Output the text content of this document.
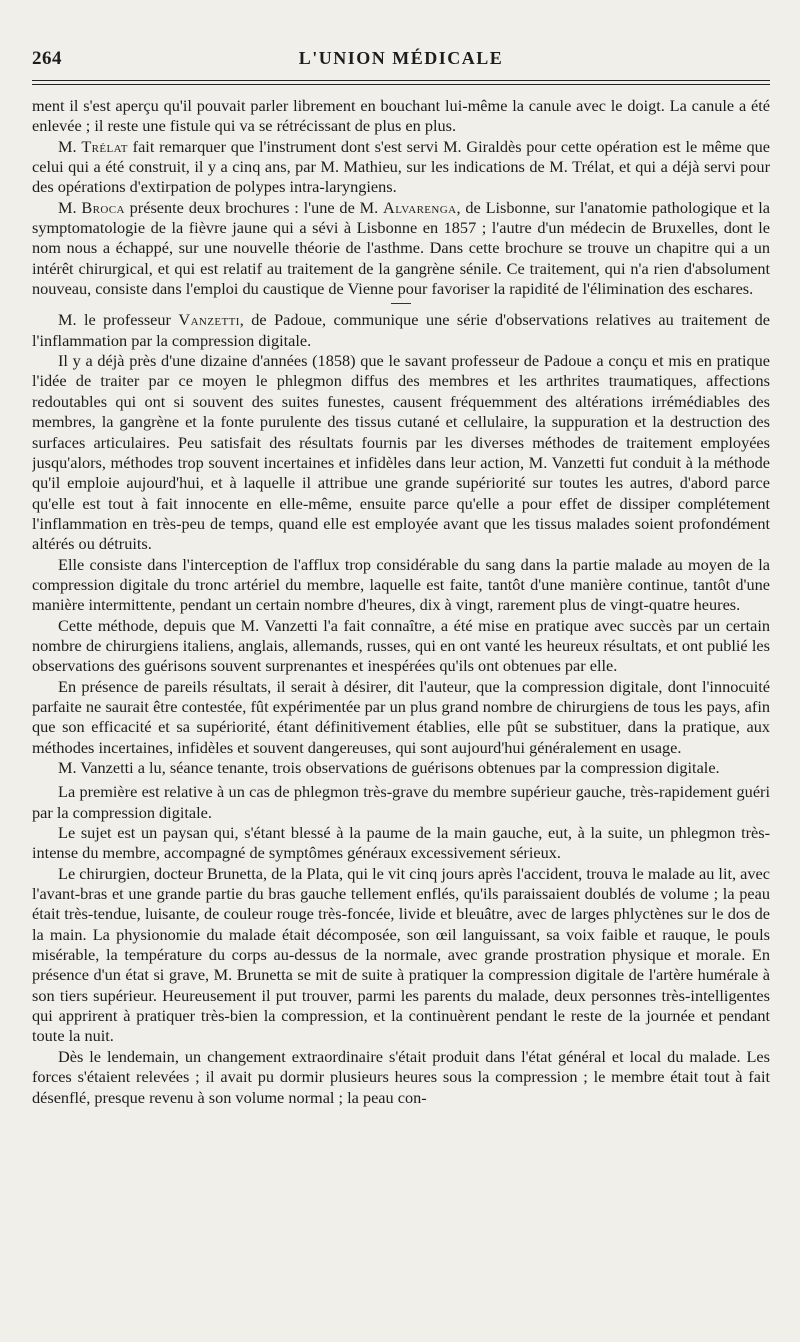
264	L'UNION MÉDICALE

ment il s'est aperçu qu'il pouvait parler librement en bouchant lui-même la canule avec le doigt. La canule a été enlevée ; il reste une fistule qui va se rétrécissant de plus en plus.

M. Trélat fait remarquer que l'instrument dont s'est servi M. Giraldès pour cette opération est le même que celui qui a été construit, il y a cinq ans, par M. Mathieu, sur les indications de M. Trélat, et qui a déjà servi pour des opérations d'extirpation de polypes intra-laryngiens.

M. Broca présente deux brochures : l'une de M. Alvarenga, de Lisbonne, sur l'anatomie pathologique et la symptomatologie de la fièvre jaune qui a sévi à Lisbonne en 1857 ; l'autre d'un médecin de Bruxelles, dont le nom nous a échappé, sur une nouvelle théorie de l'asthme. Dans cette brochure se trouve un chapitre qui a un intérêt chirurgical, et qui est relatif au traitement de la gangrène sénile. Ce traitement, qui n'a rien d'absolument nouveau, consiste dans l'emploi du caustique de Vienne pour favoriser la rapidité de l'élimination des eschares.

M. le professeur Vanzetti, de Padoue, communique une série d'observations relatives au traitement de l'inflammation par la compression digitale.

Il y a déjà près d'une dizaine d'années (1858) que le savant professeur de Padoue a conçu et mis en pratique l'idée de traiter par ce moyen le phlegmon diffus des membres et les arthrites traumatiques, affections redoutables qui ont si souvent des suites funestes, causent fréquemment des altérations irrémédiables des membres, la gangrène et la fonte purulente des tissus cutané et cellulaire, la suppuration et la destruction des surfaces articulaires. Peu satisfait des résultats fournis par les diverses méthodes de traitement employées jusqu'alors, méthodes trop souvent incertaines et infidèles dans leur action, M. Vanzetti fut conduit à la méthode qu'il emploie aujourd'hui, et à laquelle il attribue une grande supériorité sur toutes les autres, d'abord parce qu'elle est tout à fait innocente en elle-même, ensuite parce qu'elle a pour effet de dissiper complétement l'inflammation en très-peu de temps, quand elle est employée avant que les tissus malades soient profondément altérés ou détruits.

Elle consiste dans l'interception de l'afflux trop considérable du sang dans la partie malade au moyen de la compression digitale du tronc artériel du membre, laquelle est faite, tantôt d'une manière continue, tantôt d'une manière intermittente, pendant un certain nombre d'heures, dix à vingt, rarement plus de vingt-quatre heures.

Cette méthode, depuis que M. Vanzetti l'a fait connaître, a été mise en pratique avec succès par un certain nombre de chirurgiens italiens, anglais, allemands, russes, qui en ont vanté les heureux résultats, et ont publié les observations des guérisons souvent surprenantes et inespérées qu'ils ont obtenues par elle.

En présence de pareils résultats, il serait à désirer, dit l'auteur, que la compression digitale, dont l'innocuité parfaite ne saurait être contestée, fût expérimentée par un plus grand nombre de chirurgiens de tous les pays, afin que son efficacité et sa supériorité, étant définitivement établies, elle pût se substituer, dans la pratique, aux méthodes incertaines, infidèles et souvent dangereuses, qui sont aujourd'hui généralement en usage.

M. Vanzetti a lu, séance tenante, trois observations de guérisons obtenues par la compression digitale.

La première est relative à un cas de phlegmon très-grave du membre supérieur gauche, très-rapidement guéri par la compression digitale.

Le sujet est un paysan qui, s'étant blessé à la paume de la main gauche, eut, à la suite, un phlegmon très-intense du membre, accompagné de symptômes généraux excessivement sérieux.

Le chirurgien, docteur Brunetta, de la Plata, qui le vit cinq jours après l'accident, trouva le malade au lit, avec l'avant-bras et une grande partie du bras gauche tellement enflés, qu'ils paraissaient doublés de volume ; la peau était très-tendue, luisante, de couleur rouge très-foncée, livide et bleuâtre, avec de larges phlyctènes sur le dos de la main. La physionomie du malade était décomposée, son œil languissant, sa voix faible et rauque, le pouls misérable, la température du corps au-dessus de la normale, avec grande prostration physique et morale. En présence d'un état si grave, M. Brunetta se mit de suite à pratiquer la compression digitale de l'artère humérale à son tiers supérieur. Heureusement il put trouver, parmi les parents du malade, deux personnes très-intelligentes qui apprirent à pratiquer très-bien la compression, et la continuèrent pendant le reste de la journée et pendant toute la nuit.

Dès le lendemain, un changement extraordinaire s'était produit dans l'état général et local du malade. Les forces s'étaient relevées ; il avait pu dormir plusieurs heures sous la compression ; le membre était tout à fait désenflé, presque revenu à son volume normal ; la peau con-
